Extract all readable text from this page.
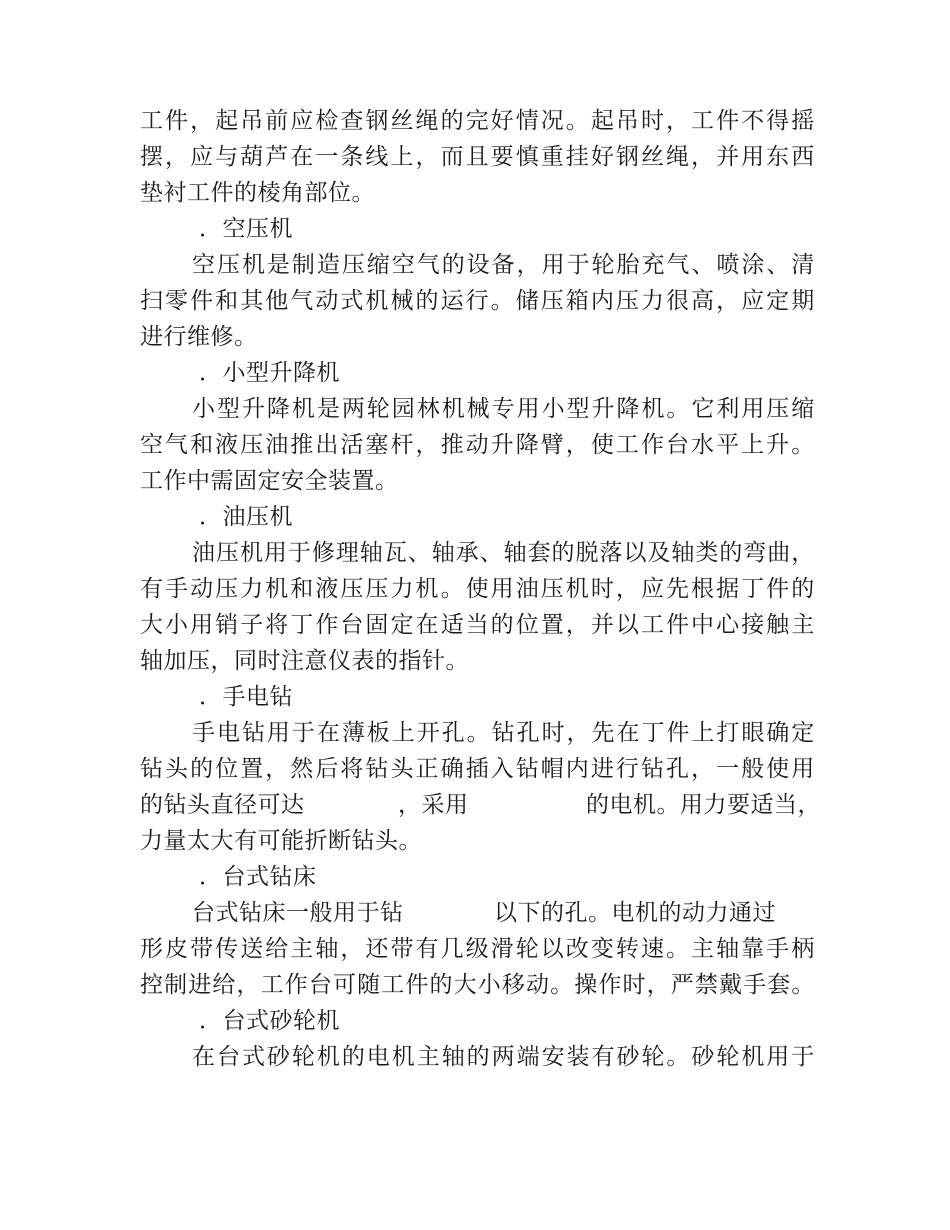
工 件 ， 起 吊 前 应 检 查 钢 丝 绳 的 完 好 情 况 。 起 吊 时 ， 工 件 不 得 摇
摆 ， 应 与 葫 芦 在 一 条 线 上 ， 而 且 要 慎 重 挂 好 钢 丝 绳 ， 并 用 东 西
垫衬工件的棱角部位。
．空压机
空 压 机 是 制 造 压 缩 空 气 的 设 备 ， 用 于 轮 胎 充 气 、 喷 涂 、 清
扫 零 件 和 其 他 气 动 式 机 械 的 运 行 。 储 压 箱 内 压 力 很 高 ， 应 定 期
进行维修。
．小型升降机
小 型 升 降 机 是 两 轮 园 林 机 械 专 用 小 型 升 降 机 。 它 利 用 压 缩
空 气 和 液 压 油 推 出 活 塞 杆 ， 推 动 升 降 臂 ， 使 工 作 台 水 平 上 升 。
工作中需固定安全装置。
．油压机
油 压 机 用 于 修 理 轴 瓦 、 轴 承 、 轴 套 的 脱 落 以 及 轴 类 的 弯 曲 ，
有 手 动 压 力 机 和 液 压 压 力 机 。 使 用 油 压 机 时 ， 应 先 根 据 丁 件 的
大 小 用 销 子 将 丁 作 台 固 定 在 适 当 的 位 置 ， 并 以 工 件 中 心 接 触 主
轴加压，同时注意仪表的指针。
．手电钻
手 电 钻 用 于 在 薄 板 上 开 孔 。 钻 孔 时 ， 先 在 丁 件 上 打 眼 确 定
钻 头 的 位 置 ， 然 后 将 钻 头 正 确 插 入 钻 帽 内 进 行 钻 孔 ， 一 般 使 用
的钻头直径可达	，采用	的电机。用力要适当，
力量太大有可能折断钻头。
．台式钻床
台式钻床一般用于钻	以下的孔。电机的动力通过
形 皮 带 传 送 给 主 轴 ， 还 带 有 几 级 滑 轮 以 改 变 转 速 。 主 轴 靠 手 柄
控 制 进 给 ， 工 作 台 可 随 工 件 的 大 小 移 动 。 操 作 时 ， 严 禁 戴 手 套 。
．台式砂轮机
在 台 式 砂 轮 机 的 电 机 主 轴 的 两 端 安 装 有 砂 轮 。 砂 轮 机 用 于
